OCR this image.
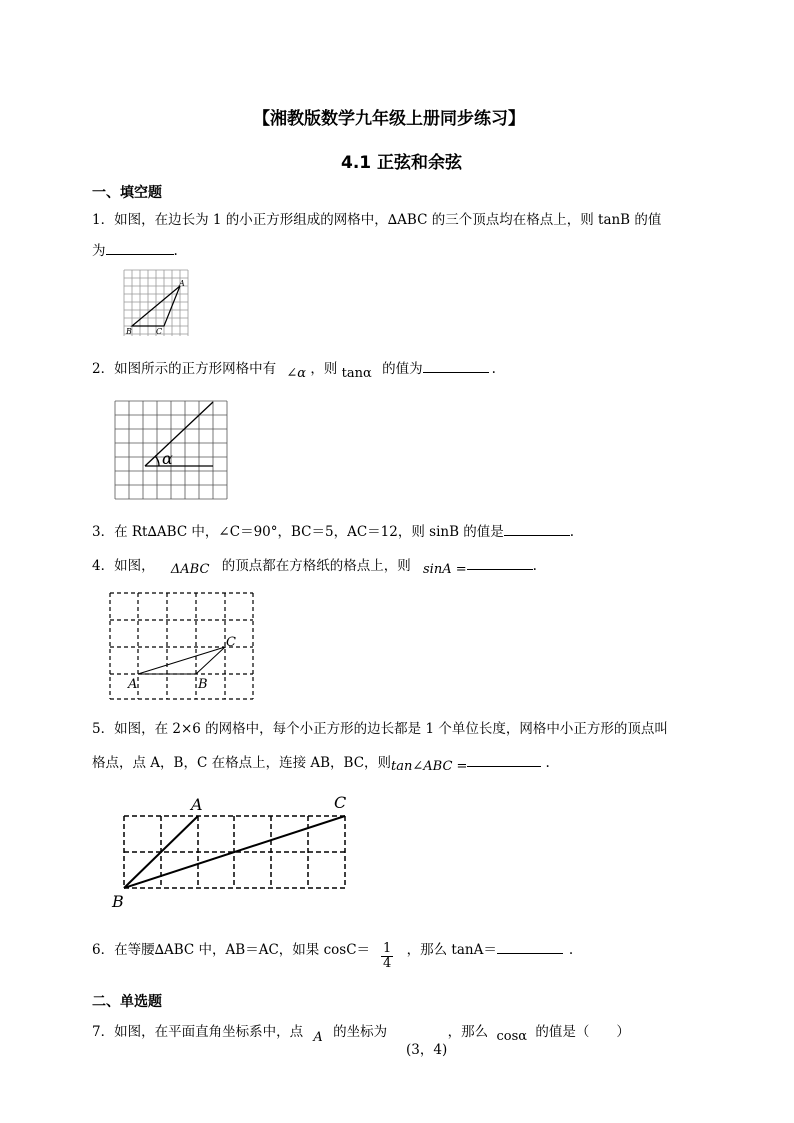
【湘教版数学九年级上册同步练习】
4.1 正弦和余弦
一、填空题
1．如图，在边长为 1 的小正方形组成的网格中，∆ABC 的三个顶点均在格点上，则 tanB 的值
为	.
A
B	C
2．如图所示的正方形网格中有 ∠α ，则 tanα 的值为	.
α
3．在 Rt∆ABC 中，∠C＝90°，BC＝5，AC＝12，则 sinB 的值是	.
4．如图， ΔABC 的顶点都在方格纸的格点上，则 sinA =	.
A	B
C
5．如图，在 2×6 的网格中，每个小正方形的边长都是 1 个单位长度，网格中小正方形的顶点叫
格点，点 A，B，C 在格点上，连接 AB，BC，则tan∠ABC =	.
A
B
C
6．在等腰∆ABC 中，AB＝AC，如果 cosC＝	，那么 tanA＝	.
$\frac{1}{4}$
二、单选题
7．如图，在平面直角坐标系中，点 A 的坐标为	，那么 cosα 的值是（　　）
(3，4)
